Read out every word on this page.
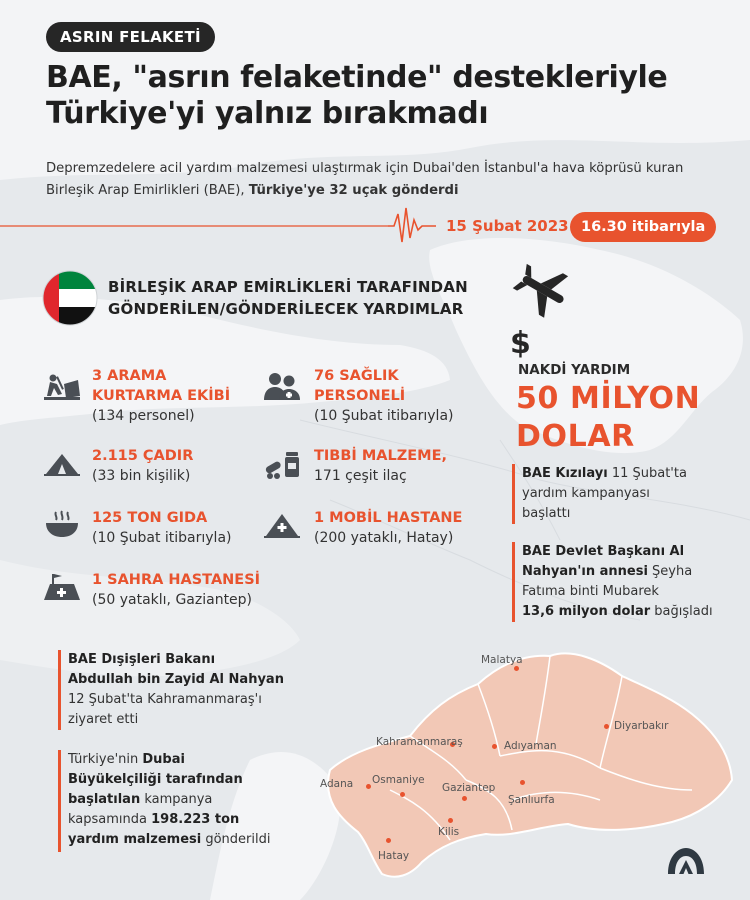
ASRIN FELAKETİ
BAE, "asrın felaketinde" destekleriyle
Türkiye'yi yalnız bırakmadı
Depremzedelere acil yardım malzemesi ulaştırmak için Dubai'den İstanbul'a hava köprüsü kuran Birleşik Arap Emirlikleri (BAE), Türkiye'ye 32 uçak gönderdi
15 Şubat 2023 16.30 itibarıyla
BİRLEŞİK ARAP EMİRLİKLERİ TARAFINDAN
GÖNDERİLEN/GÖNDERİLECEK YARDIMLAR
$
NAKDİ YARDIM
50 MİLYON
DOLAR
3 ARAMA
KURTARMA EKİBİ
(134 personel)
76 SAĞLIK
PERSONELİ
(10 Şubat itibarıyla)
2.115 ÇADIR
(33 bin kişilik)
TIBBİ MALZEME,
171 çeşit ilaç
125 TON GIDA
(10 Şubat itibarıyla)
1 MOBİL HASTANE
(200 yataklı, Hatay)
1 SAHRA HASTANESİ
(50 yataklı, Gaziantep)
BAE Kızılayı 11 Şubat'ta
yardım kampanyası
başlattı
BAE Devlet Başkanı Al
Nahyan'ın annesi Şeyha
Fatıma binti Mubarek
13,6 milyon dolar bağışladı
BAE Dışişleri Bakanı
Abdullah bin Zayid Al Nahyan
12 Şubat'ta Kahramanmaraş'ı
ziyaret etti
Türkiye'nin Dubai
Büyükelçiliği tarafından
başlatılan kampanya
kapsamında 198.223 ton
yardım malzemesi gönderildi
Malatya
Diyarbakır
Kahramanmaraş	Adıyaman
Adana Osmaniye
Gaziantep
Şanlıurfa
Kilis
Hatay
